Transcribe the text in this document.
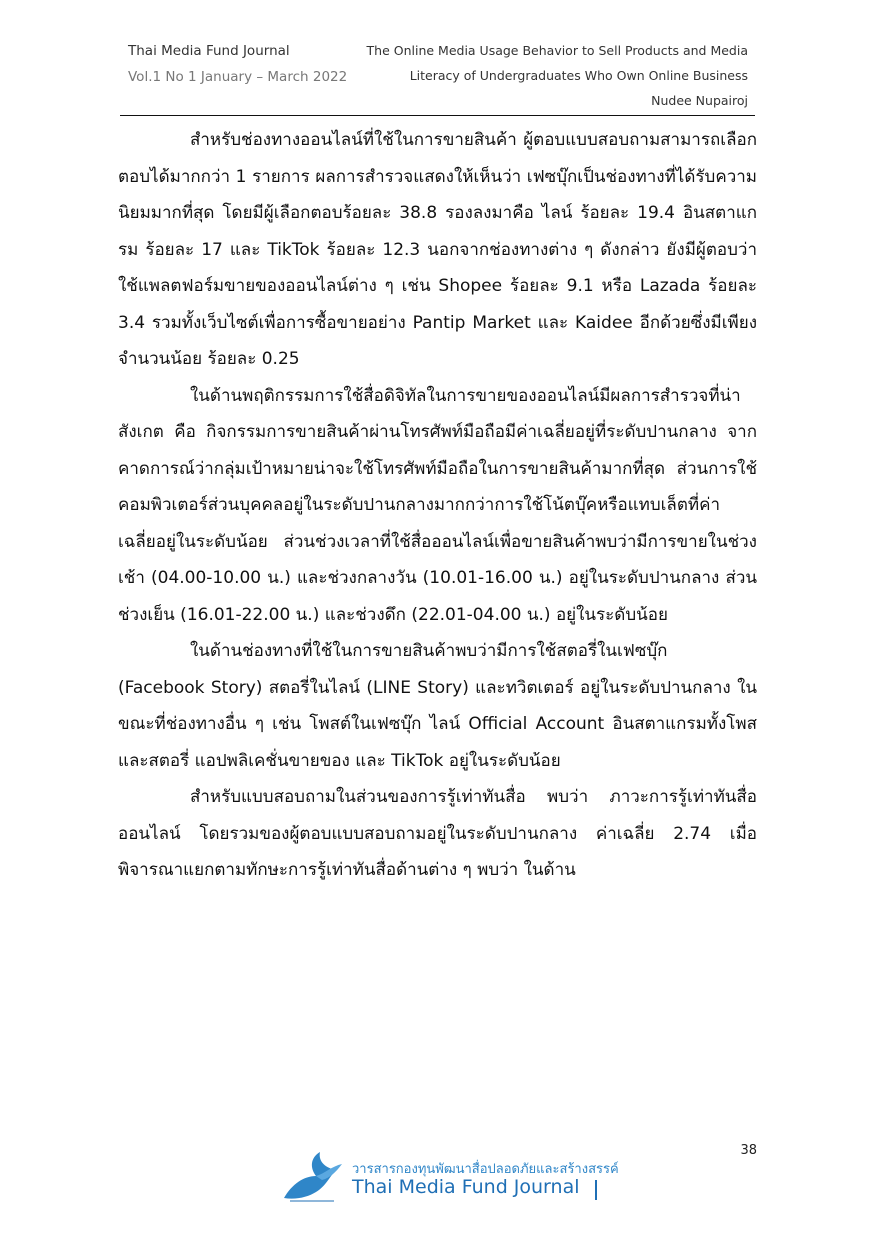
Thai Media Fund Journal
Vol.1 No 1 January – March 2022
The Online Media Usage Behavior to Sell Products and Media
Literacy of Undergraduates Who Own Online Business
Nudee Nupairoj

สำหรับช่องทางออนไลน์ที่ใช้ในการขายสินค้า ผู้ตอบแบบสอบถามสามารถเลือกตอบได้มากกว่า 1 รายการ ผลการสำรวจแสดงให้เห็นว่า เฟซบุ๊กเป็นช่องทางที่ได้รับความนิยมมากที่สุด โดยมีผู้เลือกตอบร้อยละ 38.8 รองลงมาคือ ไลน์ ร้อยละ 19.4 อินสตาแกรม ร้อยละ 17 และ TikTok ร้อยละ 12.3 นอกจากช่องทางต่าง ๆ ดังกล่าว ยังมีผู้ตอบว่าใช้แพลตฟอร์มขายของออนไลน์ต่าง ๆ เช่น Shopee ร้อยละ 9.1 หรือ Lazada ร้อยละ 3.4 รวมทั้งเว็บไซต์เพื่อการซื้อขายอย่าง Pantip Market และ Kaidee อีกด้วยซึ่งมีเพียงจำนวนน้อย ร้อยละ 0.25

ในด้านพฤติกรรมการใช้สื่อดิจิทัลในการขายของออนไลน์มีผลการสำรวจที่น่าสังเกต คือ กิจกรรมการขายสินค้าผ่านโทรศัพท์มือถือมีค่าเฉลี่ยอยู่ที่ระดับปานกลาง จากคาดการณ์ว่ากลุ่มเป้าหมายน่าจะใช้โทรศัพท์มือถือในการขายสินค้ามากที่สุด ส่วนการใช้คอมพิวเตอร์ส่วนบุคคลอยู่ในระดับปานกลางมากกว่าการใช้โน้ตบุ๊คหรือแทบเล็ตที่ค่าเฉลี่ยอยู่ในระดับน้อย ส่วนช่วงเวลาที่ใช้สื่อออนไลน์เพื่อขายสินค้าพบว่ามีการขายในช่วงเช้า (04.00-10.00 น.) และช่วงกลางวัน (10.01-16.00 น.) อยู่ในระดับปานกลาง ส่วนช่วงเย็น (16.01-22.00 น.) และช่วงดึก (22.01-04.00 น.) อยู่ในระดับน้อย

ในด้านช่องทางที่ใช้ในการขายสินค้าพบว่ามีการใช้สตอรี่ในเฟซบุ๊ก (Facebook Story) สตอรี่ในไลน์ (LINE Story) และทวิตเตอร์ อยู่ในระดับปานกลาง ในขณะที่ช่องทางอื่น ๆ เช่น โพสต์ในเฟซบุ๊ก ไลน์ Official Account อินสตาแกรมทั้งโพสและสตอรี่ แอปพลิเคชั่นขายของ และ TikTok อยู่ในระดับน้อย

สำหรับแบบสอบถามในส่วนของการรู้เท่าทันสื่อ พบว่า ภาวะการรู้เท่าทันสื่อออนไลน์ โดยรวมของผู้ตอบแบบสอบถามอยู่ในระดับปานกลาง ค่าเฉลี่ย 2.74 เมื่อพิจารณาแยกตามทักษะการรู้เท่าทันสื่อด้านต่าง ๆ พบว่า ในด้าน

38
วารสารกองทุนพัฒนาสื่อปลอดภัยและสร้างสรรค์
Thai Media Fund Journal
